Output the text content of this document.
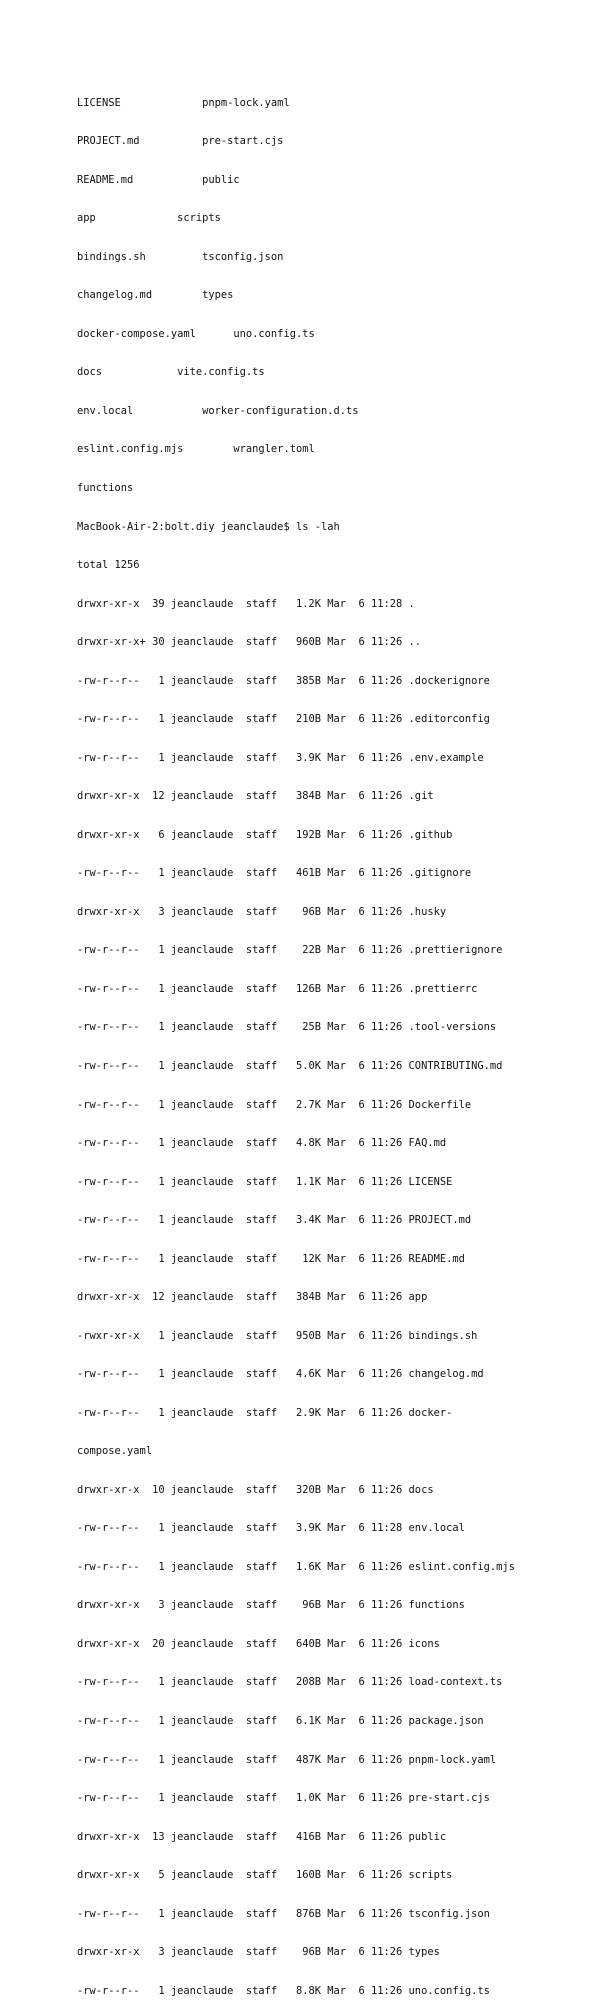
LICENSE             pnpm-lock.yaml

PROJECT.md          pre-start.cjs

README.md           public

app             scripts

bindings.sh         tsconfig.json

changelog.md        types

docker-compose.yaml      uno.config.ts

docs            vite.config.ts

env.local           worker-configuration.d.ts

eslint.config.mjs        wrangler.toml

functions

MacBook-Air-2:bolt.diy jeanclaude$ ls -lah

total 1256

drwxr-xr-x  39 jeanclaude  staff   1.2K Mar  6 11:28 .

drwxr-xr-x+ 30 jeanclaude  staff   960B Mar  6 11:26 ..

-rw-r--r--   1 jeanclaude  staff   385B Mar  6 11:26 .dockerignore

-rw-r--r--   1 jeanclaude  staff   210B Mar  6 11:26 .editorconfig

-rw-r--r--   1 jeanclaude  staff   3.9K Mar  6 11:26 .env.example

drwxr-xr-x  12 jeanclaude  staff   384B Mar  6 11:26 .git

drwxr-xr-x   6 jeanclaude  staff   192B Mar  6 11:26 .github

-rw-r--r--   1 jeanclaude  staff   461B Mar  6 11:26 .gitignore

drwxr-xr-x   3 jeanclaude  staff    96B Mar  6 11:26 .husky

-rw-r--r--   1 jeanclaude  staff    22B Mar  6 11:26 .prettierignore

-rw-r--r--   1 jeanclaude  staff   126B Mar  6 11:26 .prettierrc

-rw-r--r--   1 jeanclaude  staff    25B Mar  6 11:26 .tool-versions

-rw-r--r--   1 jeanclaude  staff   5.0K Mar  6 11:26 CONTRIBUTING.md

-rw-r--r--   1 jeanclaude  staff   2.7K Mar  6 11:26 Dockerfile

-rw-r--r--   1 jeanclaude  staff   4.8K Mar  6 11:26 FAQ.md

-rw-r--r--   1 jeanclaude  staff   1.1K Mar  6 11:26 LICENSE

-rw-r--r--   1 jeanclaude  staff   3.4K Mar  6 11:26 PROJECT.md

-rw-r--r--   1 jeanclaude  staff    12K Mar  6 11:26 README.md

drwxr-xr-x  12 jeanclaude  staff   384B Mar  6 11:26 app

-rwxr-xr-x   1 jeanclaude  staff   950B Mar  6 11:26 bindings.sh

-rw-r--r--   1 jeanclaude  staff   4.6K Mar  6 11:26 changelog.md

-rw-r--r--   1 jeanclaude  staff   2.9K Mar  6 11:26 docker-

compose.yaml

drwxr-xr-x  10 jeanclaude  staff   320B Mar  6 11:26 docs

-rw-r--r--   1 jeanclaude  staff   3.9K Mar  6 11:28 env.local

-rw-r--r--   1 jeanclaude  staff   1.6K Mar  6 11:26 eslint.config.mjs

drwxr-xr-x   3 jeanclaude  staff    96B Mar  6 11:26 functions

drwxr-xr-x  20 jeanclaude  staff   640B Mar  6 11:26 icons

-rw-r--r--   1 jeanclaude  staff   208B Mar  6 11:26 load-context.ts

-rw-r--r--   1 jeanclaude  staff   6.1K Mar  6 11:26 package.json

-rw-r--r--   1 jeanclaude  staff   487K Mar  6 11:26 pnpm-lock.yaml

-rw-r--r--   1 jeanclaude  staff   1.0K Mar  6 11:26 pre-start.cjs

drwxr-xr-x  13 jeanclaude  staff   416B Mar  6 11:26 public

drwxr-xr-x   5 jeanclaude  staff   160B Mar  6 11:26 scripts

-rw-r--r--   1 jeanclaude  staff   876B Mar  6 11:26 tsconfig.json

drwxr-xr-x   3 jeanclaude  staff    96B Mar  6 11:26 types

-rw-r--r--   1 jeanclaude  staff   8.8K Mar  6 11:26 uno.config.ts
